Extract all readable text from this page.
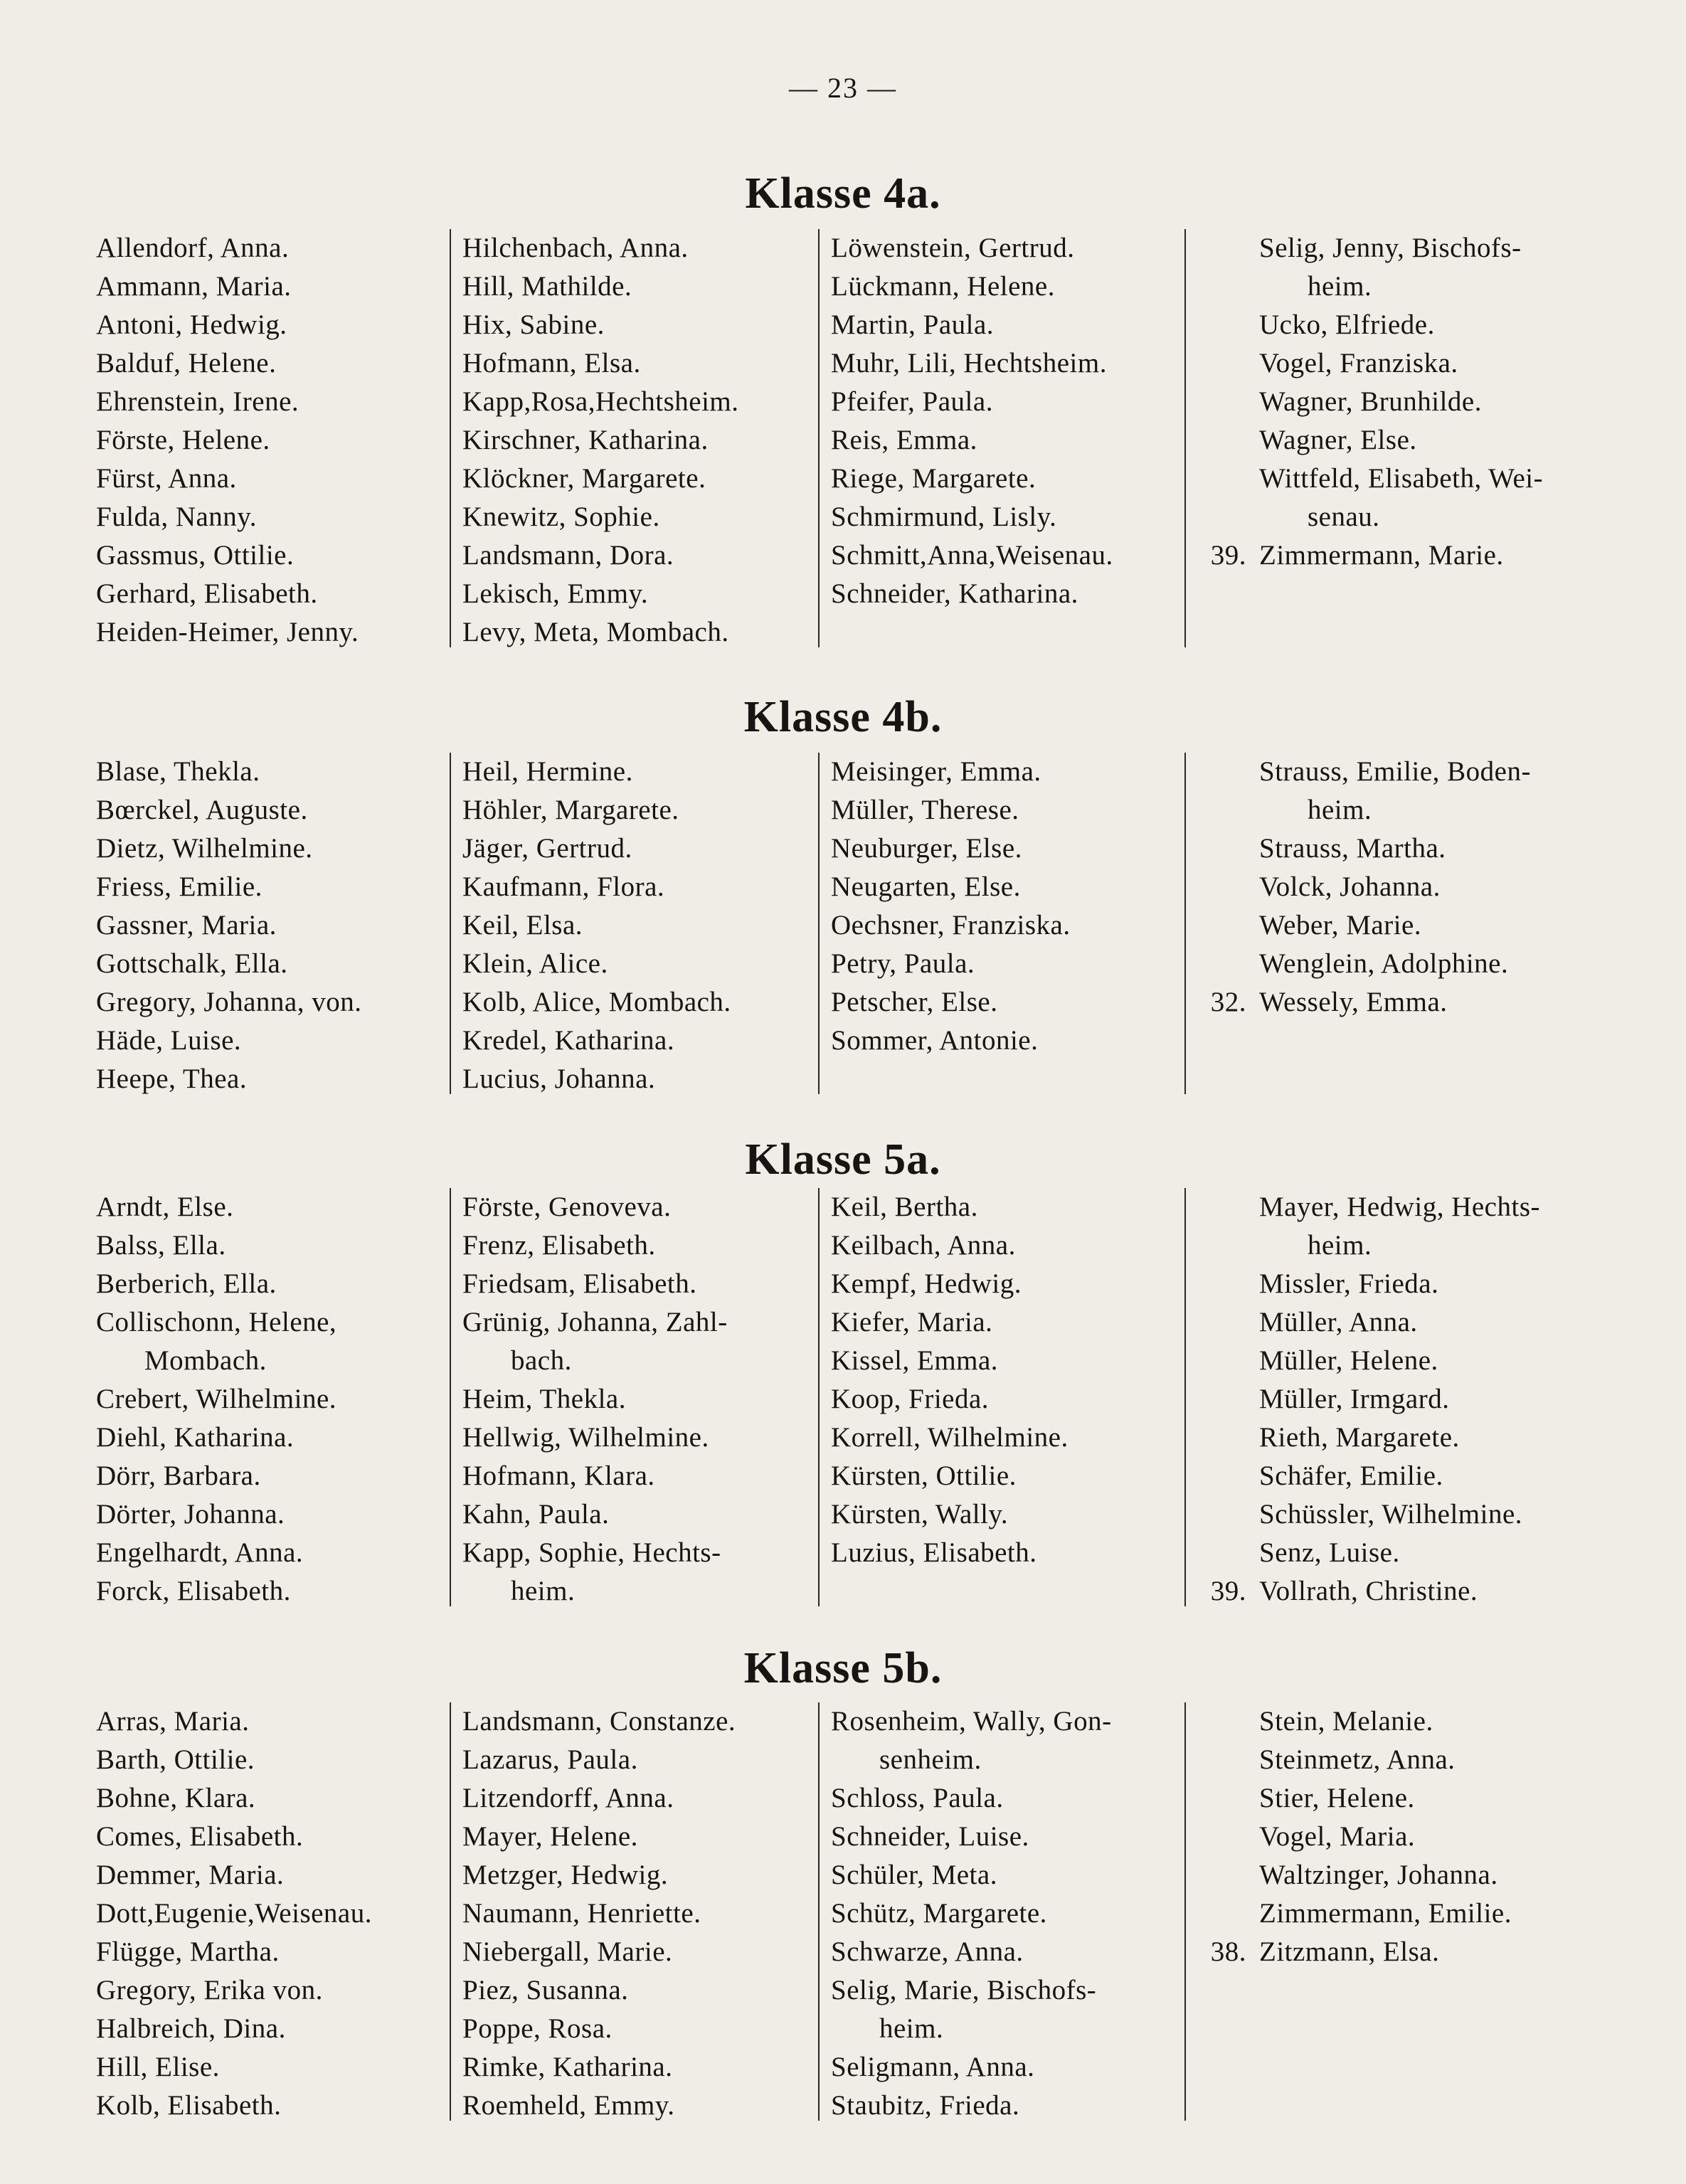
— 23 —
Klasse 4a.
Allendorf, Anna.
Ammann, Maria.
Antoni, Hedwig.
Balduf, Helene.
Ehrenstein, Irene.
Förste, Helene.
Fürst, Anna.
Fulda, Nanny.
Gassmus, Ottilie.
Gerhard, Elisabeth.
Heiden-Heimer, Jenny.
Hilchenbach, Anna.
Hill, Mathilde.
Hix, Sabine.
Hofmann, Elsa.
Kapp,Rosa,Hechtsheim.
Kirschner, Katharina.
Klöckner, Margarete.
Knewitz, Sophie.
Landsmann, Dora.
Lekisch, Emmy.
Levy, Meta, Mombach.
Löwenstein, Gertrud.
Lückmann, Helene.
Martin, Paula.
Muhr, Lili, Hechtsheim.
Pfeifer, Paula.
Reis, Emma.
Riege, Margarete.
Schmirmund, Lisly.
Schmitt,Anna,Weisenau.
Schneider, Katharina.
Selig, Jenny, Bischofs-
heim.
Ucko, Elfriede.
Vogel, Franziska.
Wagner, Brunhilde.
Wagner, Else.
Wittfeld, Elisabeth, Wei-
senau.
Zimmermann, Marie.
39.
Klasse 4b.
Blase, Thekla.
Bœrckel, Auguste.
Dietz, Wilhelmine.
Friess, Emilie.
Gassner, Maria.
Gottschalk, Ella.
Gregory, Johanna, von.
Häde, Luise.
Heepe, Thea.
Heil, Hermine.
Höhler, Margarete.
Jäger, Gertrud.
Kaufmann, Flora.
Keil, Elsa.
Klein, Alice.
Kolb, Alice, Mombach.
Kredel, Katharina.
Lucius, Johanna.
Meisinger, Emma.
Müller, Therese.
Neuburger, Else.
Neugarten, Else.
Oechsner, Franziska.
Petry, Paula.
Petscher, Else.
Sommer, Antonie.
Strauss, Emilie, Boden-
heim.
Strauss, Martha.
Volck, Johanna.
Weber, Marie.
Wenglein, Adolphine.
Wessely, Emma.
32.
Klasse 5a.
Arndt, Else.
Balss, Ella.
Berberich, Ella.
Collischonn, Helene,
Mombach.
Crebert, Wilhelmine.
Diehl, Katharina.
Dörr, Barbara.
Dörter, Johanna.
Engelhardt, Anna.
Forck, Elisabeth.
Förste, Genoveva.
Frenz, Elisabeth.
Friedsam, Elisabeth.
Grünig, Johanna, Zahl-
bach.
Heim, Thekla.
Hellwig, Wilhelmine.
Hofmann, Klara.
Kahn, Paula.
Kapp, Sophie, Hechts-
heim.
Keil, Bertha.
Keilbach, Anna.
Kempf, Hedwig.
Kiefer, Maria.
Kissel, Emma.
Koop, Frieda.
Korrell, Wilhelmine.
Kürsten, Ottilie.
Kürsten, Wally.
Luzius, Elisabeth.
Mayer, Hedwig, Hechts-
heim.
Missler, Frieda.
Müller, Anna.
Müller, Helene.
Müller, Irmgard.
Rieth, Margarete.
Schäfer, Emilie.
Schüssler, Wilhelmine.
Senz, Luise.
Vollrath, Christine.
39.
Klasse 5b.
Arras, Maria.
Barth, Ottilie.
Bohne, Klara.
Comes, Elisabeth.
Demmer, Maria.
Dott,Eugenie,Weisenau.
Flügge, Martha.
Gregory, Erika von.
Halbreich, Dina.
Hill, Elise.
Kolb, Elisabeth.
Landsmann, Constanze.
Lazarus, Paula.
Litzendorff, Anna.
Mayer, Helene.
Metzger, Hedwig.
Naumann, Henriette.
Niebergall, Marie.
Piez, Susanna.
Poppe, Rosa.
Rimke, Katharina.
Roemheld, Emmy.
Rosenheim, Wally, Gon-
senheim.
Schloss, Paula.
Schneider, Luise.
Schüler, Meta.
Schütz, Margarete.
Schwarze, Anna.
Selig, Marie, Bischofs-
heim.
Seligmann, Anna.
Staubitz, Frieda.
Stein, Melanie.
Steinmetz, Anna.
Stier, Helene.
Vogel, Maria.
Waltzinger, Johanna.
Zimmermann, Emilie.
Zitzmann, Elsa.
38.
